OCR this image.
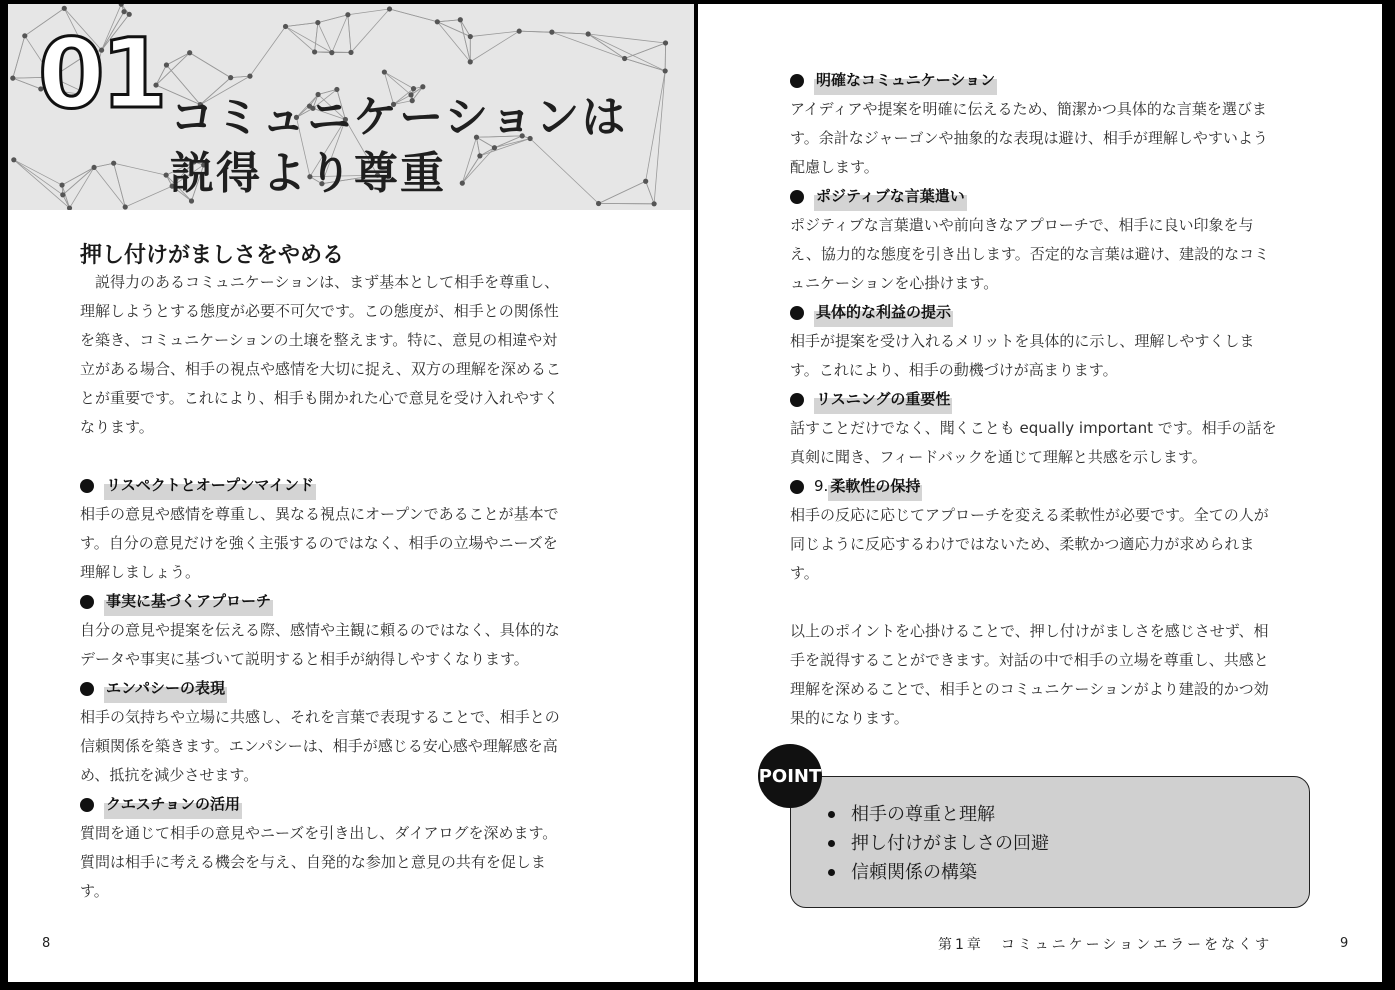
01 コミュニケーションは
説得より尊重
押し付けがましさをやめる

　説得力のあるコミュニケーションは、まず基本として相手を尊重し、

理解しようとする態度が必要不可欠です。この態度が、相手との関係性

を築き、コミュニケーションの土壌を整えます。特に、意見の相違や対

立がある場合、相手の視点や感情を大切に捉え、双方の理解を深めるこ

とが重要です。これにより、相手も開かれた心で意見を受け入れやすく

なります。

リスペクトとオープンマインド

相手の意見や感情を尊重し、異なる視点にオープンであることが基本で

す。自分の意見だけを強く主張するのではなく、相手の立場やニーズを

理解しましょう。

事実に基づくアプローチ

自分の意見や提案を伝える際、感情や主観に頼るのではなく、具体的な

データや事実に基づいて説明すると相手が納得しやすくなります。

エンパシーの表現

相手の気持ちや立場に共感し、それを言葉で表現することで、相手との

信頼関係を築きます。エンパシーは、相手が感じる安心感や理解感を高

め、抵抗を減少させます。

クエスチョンの活用

質問を通じて相手の意見やニーズを引き出し、ダイアログを深めます。

質問は相手に考える機会を与え、自発的な参加と意見の共有を促しま

す。

8
明確なコミュニケーション

アイディアや提案を明確に伝えるため、簡潔かつ具体的な言葉を選びま

す。余計なジャーゴンや抽象的な表現は避け、相手が理解しやすいよう

配慮します。

ポジティブな言葉遣い

ポジティブな言葉遣いや前向きなアプローチで、相手に良い印象を与

え、協力的な態度を引き出します。否定的な言葉は避け、建設的なコミ

ュニケーションを心掛けます。

具体的な利益の提示

相手が提案を受け入れるメリットを具体的に示し、理解しやすくしま

す。これにより、相手の動機づけが高まります。

リスニングの重要性

話すことだけでなく、聞くことも equally important です。相手の話を

真剣に聞き、フィードバックを通じて理解と共感を示します。

9. 柔軟性の保持

相手の反応に応じてアプローチを変える柔軟性が必要です。全ての人が

同じように反応するわけではないため、柔軟かつ適応力が求められま

す。

以上のポイントを心掛けることで、押し付けがましさを感じさせず、相

手を説得することができます。対話の中で相手の立場を尊重し、共感と

理解を深めることで、相手とのコミュニケーションがより建設的かつ効

果的になります。

POINT
相手の尊重と理解
押し付けがましさの回避
信頼関係の構築
第1章　コミュニケーションエラーをなくす	9
